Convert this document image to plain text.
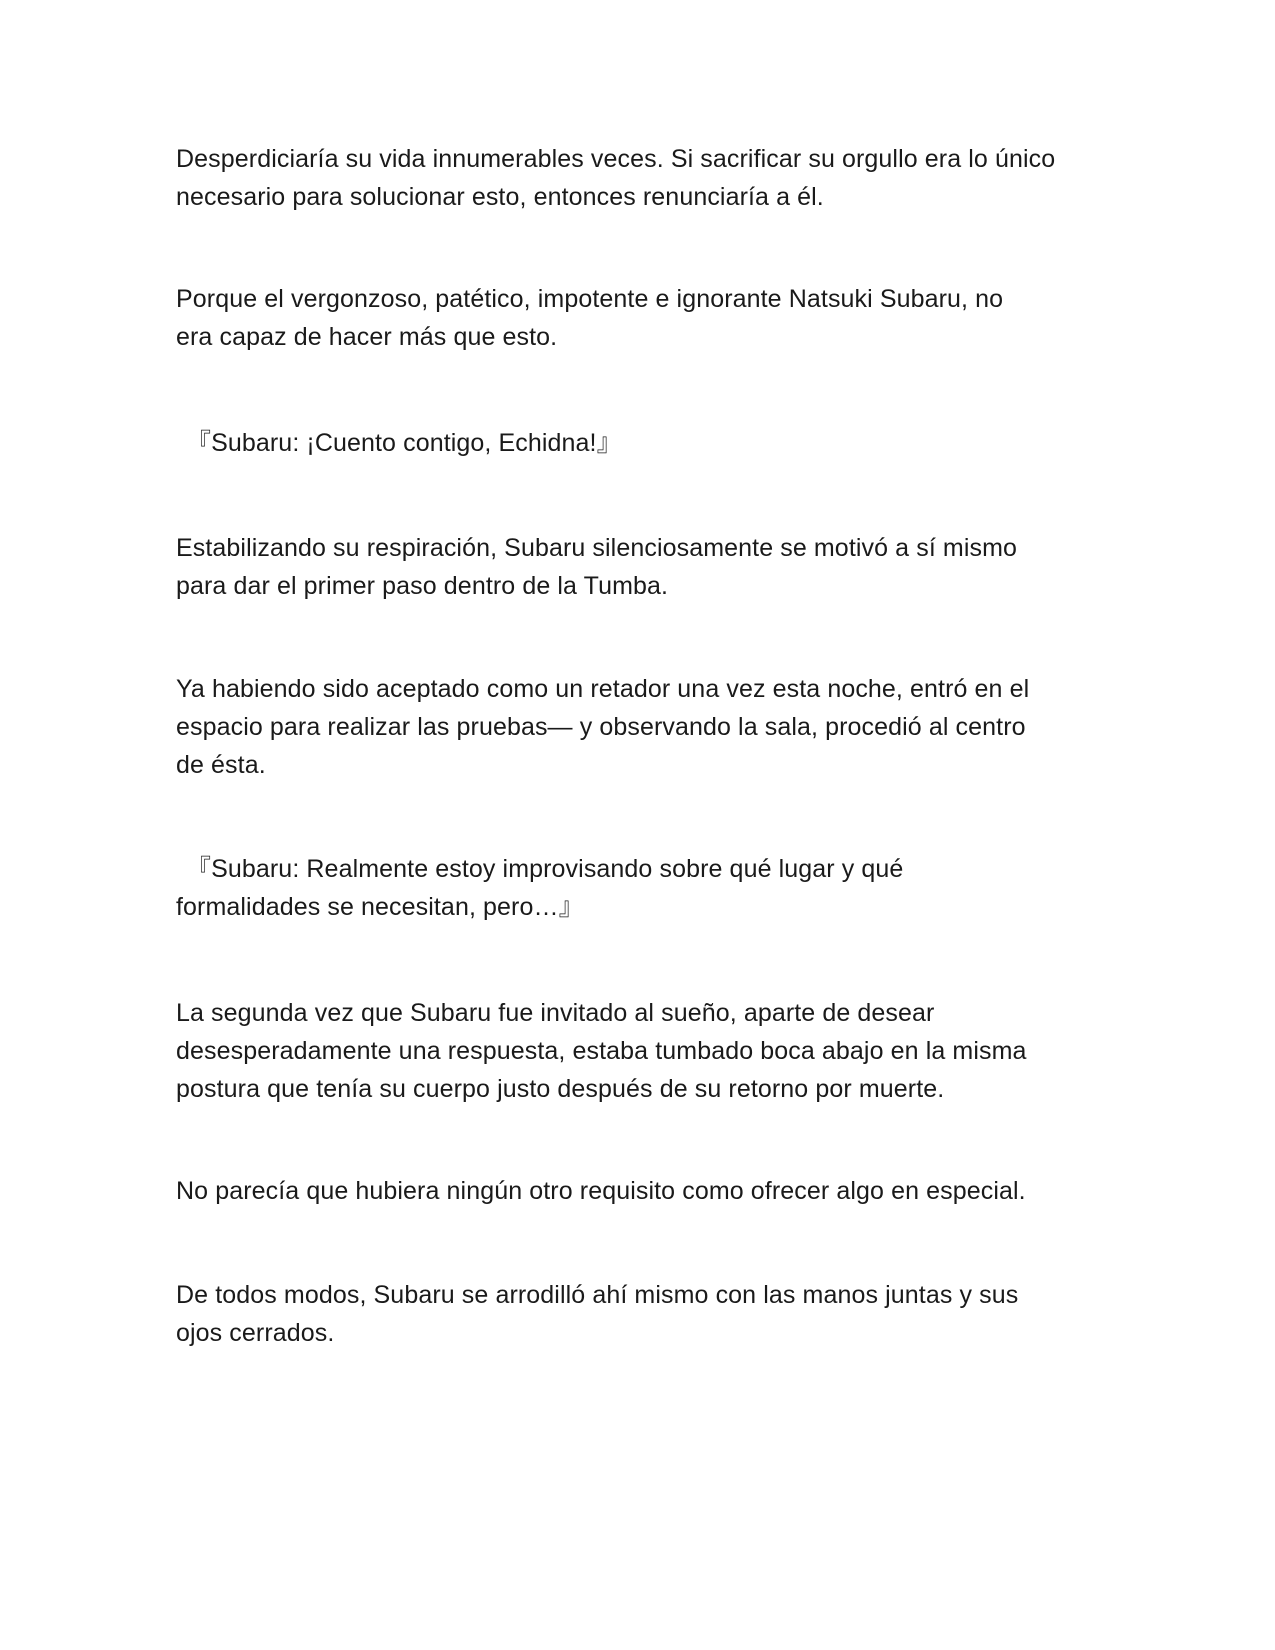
Desperdiciaría su vida innumerables veces. Si sacrificar su orgullo era lo único
necesario para solucionar esto, entonces renunciaría a él.

Porque el vergonzoso, patético, impotente e ignorante Natsuki Subaru, no
era capaz de hacer más que esto.

『Subaru: ¡Cuento contigo, Echidna!』

Estabilizando su respiración, Subaru silenciosamente se motivó a sí mismo
para dar el primer paso dentro de la Tumba.

Ya habiendo sido aceptado como un retador una vez esta noche, entró en el
espacio para realizar las pruebas— y observando la sala, procedió al centro
de ésta.

『Subaru: Realmente estoy improvisando sobre qué lugar y qué
formalidades se necesitan, pero…』

La segunda vez que Subaru fue invitado al sueño, aparte de desear
desesperadamente una respuesta, estaba tumbado boca abajo en la misma
postura que tenía su cuerpo justo después de su retorno por muerte.

No parecía que hubiera ningún otro requisito como ofrecer algo en especial.

De todos modos, Subaru se arrodilló ahí mismo con las manos juntas y sus
ojos cerrados.
